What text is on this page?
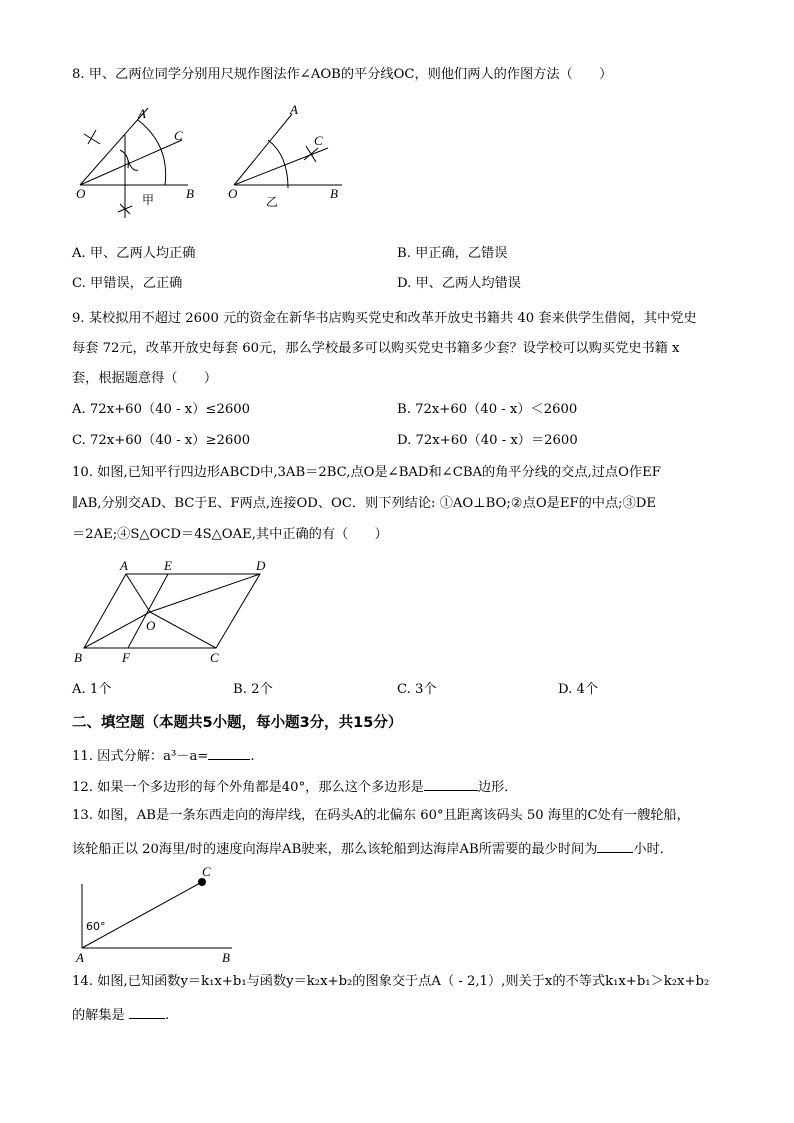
8. 甲、乙两位同学分别用尺规作图法作∠AOB的平分线OC，则他们两人的作图方法（　　）
A
C
O	B
甲
A
C
O	B
乙
A. 甲、乙两人均正确	B. 甲正确，乙错误
C. 甲错误，乙正确	D. 甲、乙两人均错误
9. 某校拟用不超过 2600 元的资金在新华书店购买党史和改革开放史书籍共 40 套来供学生借阅，其中党史
每套 72元，改革开放史每套 60元，那么学校最多可以购买党史书籍多少套？设学校可以购买党史书籍 x
套，根据题意得（　　）
A. 72x+60（40 - x）≤2600	B. 72x+60（40 - x）＜2600
C. 72x+60（40 - x）≥2600	D. 72x+60（40 - x）＝2600
10. 如图,已知平行四边形ABCD中,3AB＝2BC,点O是∠BAD和∠CBA的角平分线的交点,过点O作EF
∥AB,分别交AD、BC于E、F两点,连接OD、OC．则下列结论: ①AO⊥BO;②点O是EF的中点;③DE
＝2AE;④S△OCD＝4S△OAE,其中正确的有（　　）
A	E	D
O
B	F	C
A. 1个	B. 2个	C. 3个	D. 4个
二、填空题（本题共5小题，每小题3分，共15分）
11. 因式分解：a³－a=	.
12. 如果一个多边形的每个外角都是40°，那么这个多边形是	边形．
13. 如图，AB是一条东西走向的海岸线，在码头A的北偏东 60°且距离该码头 50 海里的C处有一艘轮船，
该轮船正以 20海里/时的速度向海岸AB驶来，那么该轮船到达海岸AB所需要的最少时间为	小时．
C
A	B
60°
14. 如图,已知函数y＝k₁x+b₁与函数y＝k₂x+b₂的图象交于点A（ - 2,1）,则关于x的不等式k₁x+b₁＞k₂x+b₂
的解集是	.
